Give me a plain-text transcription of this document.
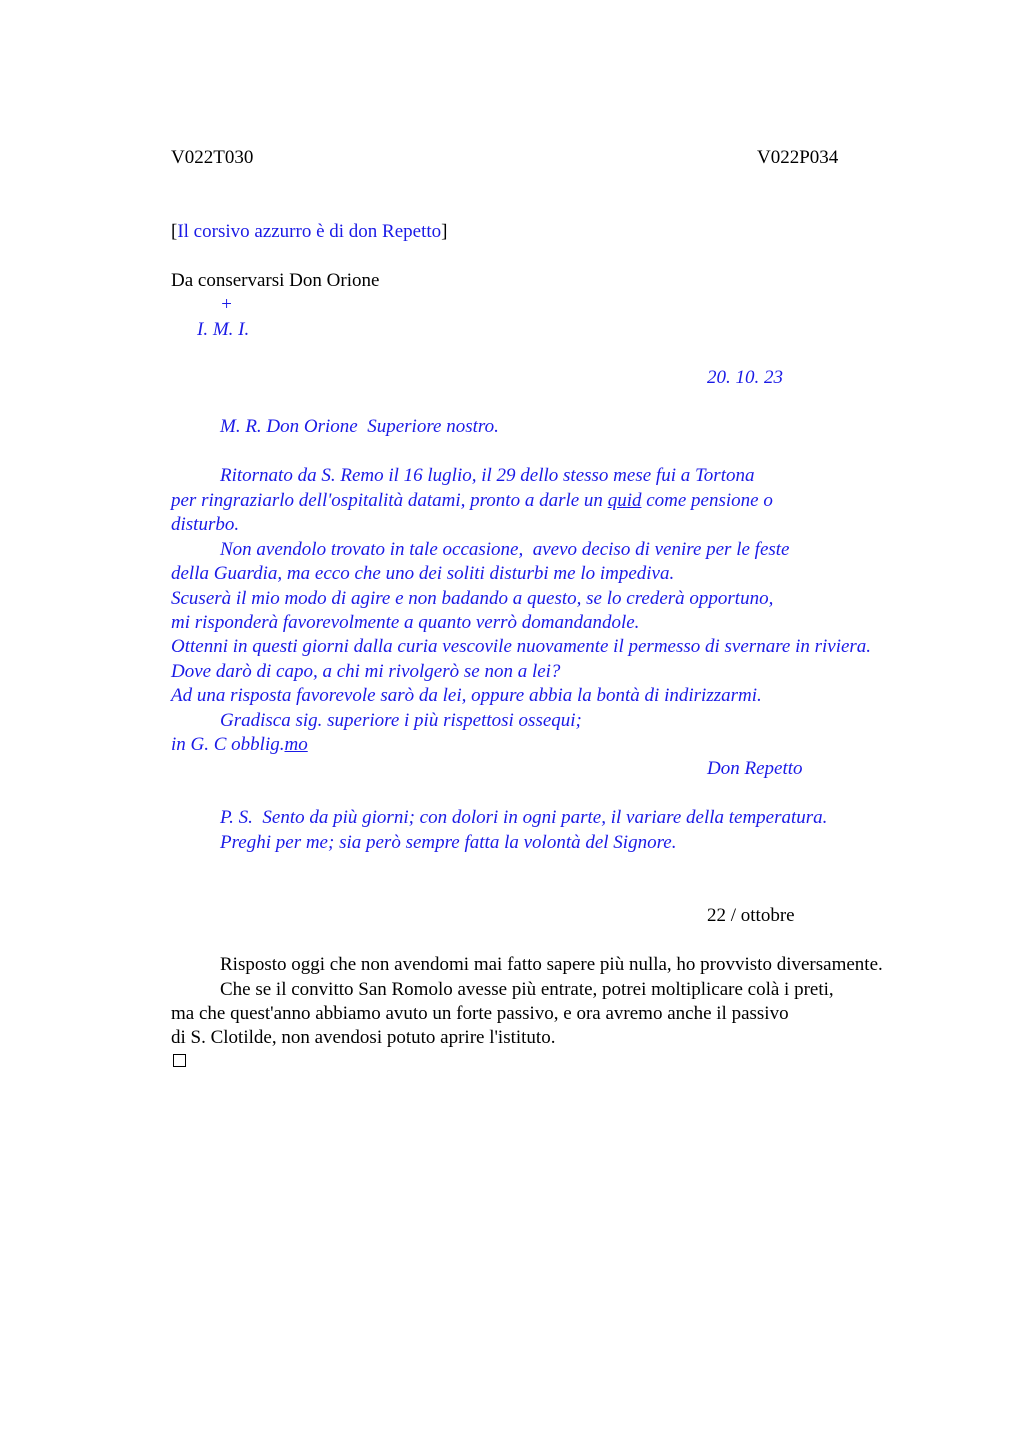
V022T030	V022P034
[Il corsivo azzurro è di don Repetto]
Da conservarsi Don Orione
+
I. M. I.
20. 10. 23
M. R. Don Orione  Superiore nostro.
Ritornato da S. Remo il 16 luglio, il 29 dello stesso mese fui a Tortona
per ringraziarlo dell'ospitalità datami, pronto a darle un quid come pensione o
disturbo.
Non avendolo trovato in tale occasione,  avevo deciso di venire per le feste
della Guardia, ma ecco che uno dei soliti disturbi me lo impediva.
Scuserà il mio modo di agire e non badando a questo, se lo crederà opportuno,
mi risponderà favorevolmente a quanto verrò domandandole.
Ottenni in questi giorni dalla curia vescovile nuovamente il permesso di svernare in riviera.
Dove darò di capo, a chi mi rivolgerò se non a lei?
Ad una risposta favorevole sarò da lei, oppure abbia la bontà di indirizzarmi.
Gradisca sig. superiore i più rispettosi ossequi;
in G. C obblig.mo
Don Repetto
P. S.  Sento da più giorni; con dolori in ogni parte, il variare della temperatura.
Preghi per me; sia però sempre fatta la volontà del Signore.
22 / ottobre
Risposto oggi che non avendomi mai fatto sapere più nulla, ho provvisto diversamente.
Che se il convitto San Romolo avesse più entrate, potrei moltiplicare colà i preti,
ma che quest'anno abbiamo avuto un forte passivo, e ora avremo anche il passivo
di S. Clotilde, non avendosi potuto aprire l'istituto.
